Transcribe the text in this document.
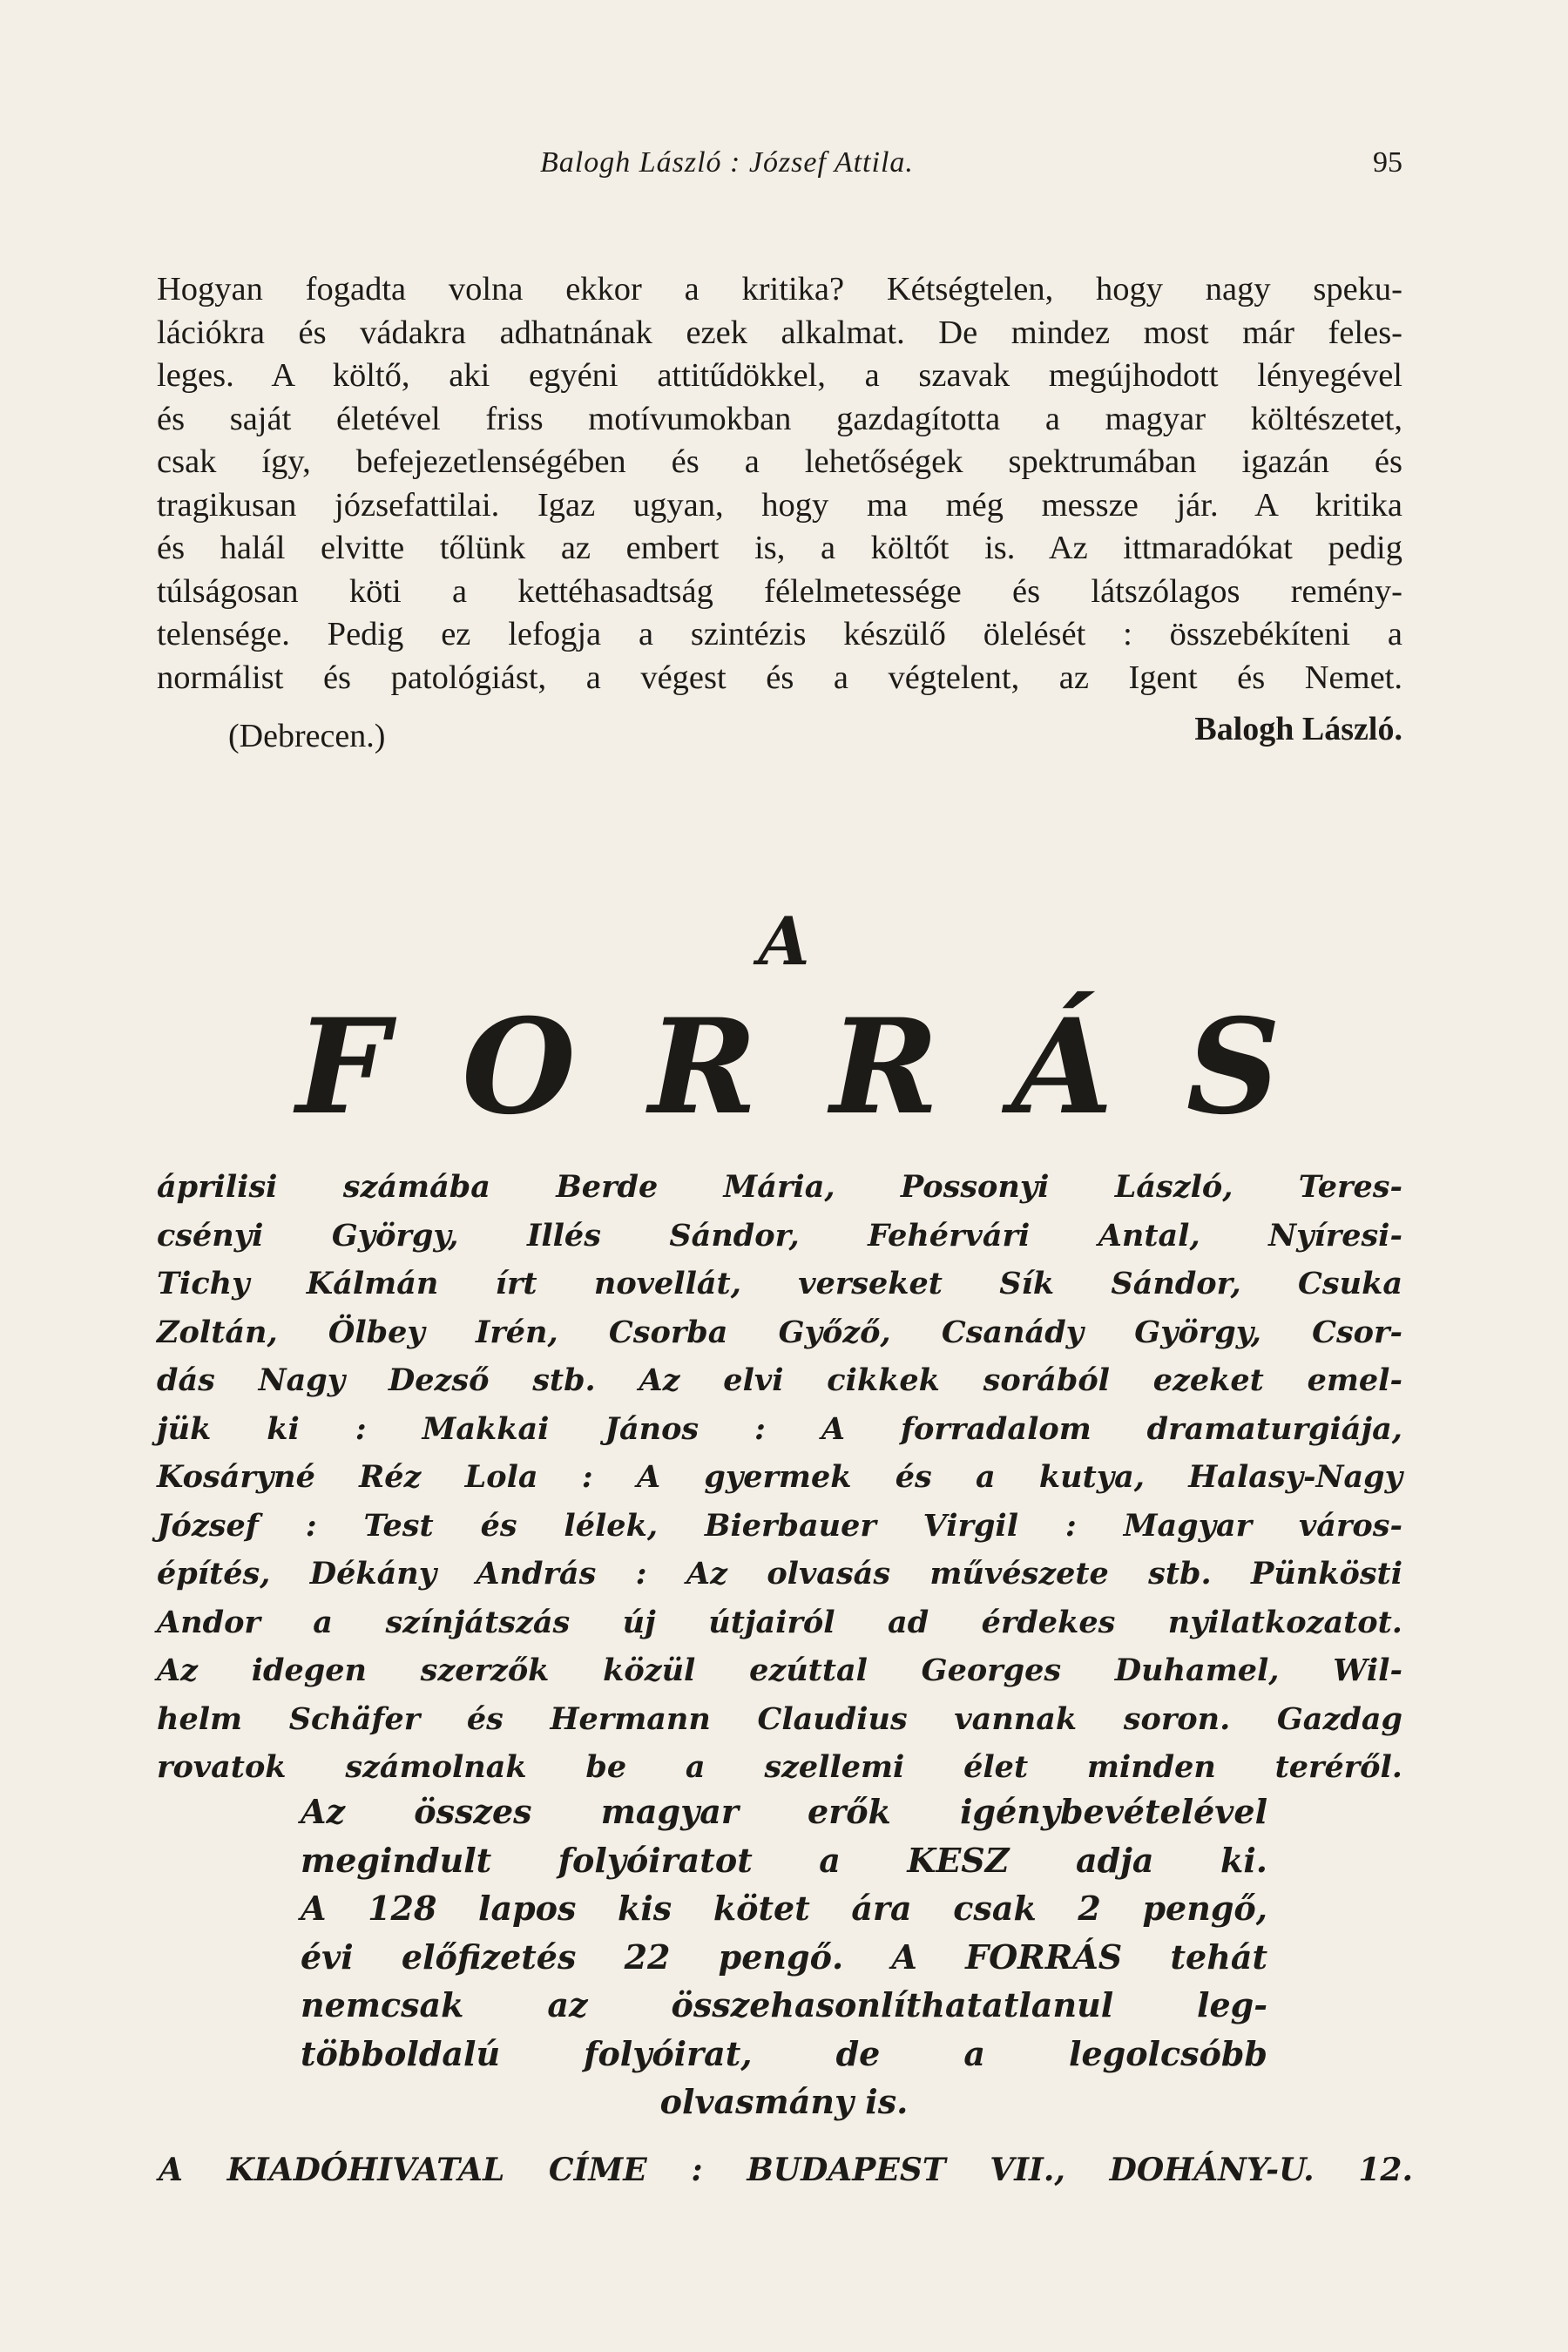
Balogh László : József Attila.	95

Hogyan fogadta volna ekkor a kritika? Kétségtelen, hogy nagy speku-
lációkra és vádakra adhatnának ezek alkalmat. De mindez most már feles-
leges. A költő, aki egyéni attitűdökkel, a szavak megújhodott lényegével
és saját életével friss motívumokban gazdagította a magyar költészetet,
csak így, befejezetlenségében és a lehetőségek spektrumában igazán és
tragikusan józsefattilai. Igaz ugyan, hogy ma még messze jár. A kritika
és halál elvitte tőlünk az embert is, a költőt is. Az ittmaradókat pedig
túlságosan köti a kettéhasadtság félelmetessége és látszólagos remény-
telensége. Pedig ez lefogja a szintézis készülő ölelését : összebékíteni a
normálist és patológiást, a végest és a végtelent, az Igent és Nemet.

(Debrecen.)	Balogh László.
A
F O R R Á S

áprilisi számába Berde Mária, Possonyi László, Teres-
csényi György, Illés Sándor, Fehérvári Antal, Nyíresi-
Tichy Kálmán írt novellát, verseket Sík Sándor, Csuka
Zoltán, Ölbey Irén, Csorba Győző, Csanády György, Csor-
dás Nagy Dezső stb. Az elvi cikkek sorából ezeket emel-
jük ki : Makkai János : A forradalom dramaturgiája,
Kosáryné Réz Lola : A gyermek és a kutya, Halasy-Nagy
József : Test és lélek, Bierbauer Virgil : Magyar város-
építés, Dékány András : Az olvasás művészete stb. Pünkösti
Andor a színjátszás új útjairól ad érdekes nyilatkozatot.
Az idegen szerzők közül ezúttal Georges Duhamel, Wil-
helm Schäfer és Hermann Claudius vannak soron. Gazdag
rovatok számolnak be a szellemi élet minden teréről.

Az összes magyar erők igénybevételével
megindult folyóiratot a KESZ adja ki.
A 128 lapos kis kötet ára csak 2 pengő,
évi előfizetés 22 pengő. A FORRÁS tehát
nemcsak az összehasonlíthatatlanul leg-
többoldalú folyóirat, de a legolcsóbb
olvasmány is.

A KIADÓHIVATAL CÍME : BUDAPEST VII., DOHÁNY-U. 12.
